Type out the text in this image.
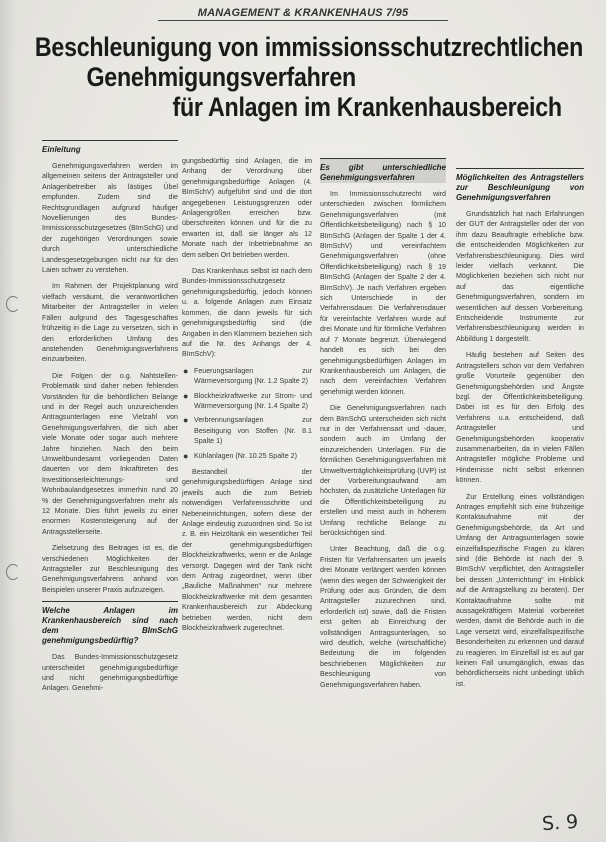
MANAGEMENT & KRANKENHAUS 7/95
Beschleunigung von immissionsschutzrechtlichen
Genehmigungsverfahren
für Anlagen im Krankenhausbereich
Einleitung

Genehmigungsverfahren werden im allgemeinen seitens der Antragsteller und Anlagenbetreiber als lästiges Übel empfunden. Zudem sind die Rechtsgrundlagen aufgrund häufiger Novellierungen des Bundes-Immissionsschutzgesetzes (BImSchG) und der zugehörigen Verordnungen sowie durch unterschiedliche Landesgesetzgebungen nicht nur für den Laien schwer zu verstehen.

Im Rahmen der Projektplanung wird vielfach versäumt, die verantwortlichen Mitarbeiter der Antragsteller in vielen Fällen aufgrund des Tagesgeschäftes frühzeitig in die Lage zu versetzen, sich in den erforderlichen Umfang des anstehenden Genehmigungsverfahrens einzuarbeiten.

Die Folgen der o.g. Nahtstellen-Problematik sind daher neben fehlenden Vorständen für die behördlichen Belange und in der Regel auch unzureichenden Antragsunterlagen eine Vielzahl von Genehmigungsverfahren, die sich aber viele Monate oder sogar auch mehrere Jahre hinziehen. Nach den beim Umweltbundesamt vorliegenden Daten dauerten vor dem Inkrafttreten des Investitionserleichterungs- und Wohnbaulandgesetzes immerhin rund 20 % der Genehmigungsverfahren mehr als 12 Monate. Dies führt jeweils zu einer enormen Kostensteigerung auf der Antragsstellerseite.

Zielsetzung des Beitrages ist es, die verschiedenen Möglichkeiten der Antragsteller zur Beschleunigung des Genehmigungsverfahrens anhand von Beispielen unserer Praxis aufzuzeigen.

Welche Anlagen im Krankenhausbereich sind nach dem BImSchG genehmigungsbedürftig?

Das Bundes-Immissionsschutzgesetz unterscheidet genehmigungsbedürftige und nicht genehmigungsbedürftige Anlagen. Genehmi-

gungsbedürftig sind Anlagen, die im Anhang der Verordnung über genehmigungsbedürftige Anlagen (4. BImSchV) aufgeführt sind und die dort angegebenen Leistungsgrenzen oder Anlagengrößen erreichen bzw. überschreiten können und für die zu erwarten ist, daß sie länger als 12 Monate nach der Inbetriebnahme an dem selben Ort betrieben werden.

Das Krankenhaus selbst ist nach dem Bundes-Immissionsschutzgesetz genehmigungsbedürftig, jedoch können u. a. folgende Anlagen zum Einsatz kommen, die dann jeweils für sich genehmigungsbedürftig sind (die Angaben in den Klammern beziehen sich auf die Nr. des Anhangs der 4. BImSchV):

● Feuerungsanlagen zur Wärmeversorgung (Nr. 1.2 Spalte 2)
● Blockheizkraftwerke zur Strom- und Wärmeversorgung (Nr. 1.4 Spalte 2)
● Verbrennungsanlagen zur Beseitigung von Stoffen (Nr. 8.1 Spalte 1)
● Kühlanlagen (Nr. 10.25 Spalte 2)

Bestandteil der genehmigungsbedürftigen Anlage sind jeweils auch die zum Betrieb notwendigen Verfahrensschritte und Nebeneinrichtungen, sofern diese der Anlage eindeutig zuzuordnen sind. So ist z. B. ein Heizöltank ein wesentlicher Teil der genehmigungsbedürftigen Blockheizkraftwerks, wenn er die Anlage versorgt. Dagegen wird der Tank nicht dem Antrag zugeordnet, wenn über „Bauliche Maßnahmen“ nur mehrere Blockheizkraftwerke mit dem gesamten Krankenhausbereich zur Abdeckung betrieben werden, nicht dem Blockheizkraftwerk zugerechnet.

Es gibt unterschiedliche Genehmigungsverfahren

Im Immissionsschutzrecht wird unterschieden zwischen förmlichem Genehmigungsverfahren (mit Öffentlichkeitsbeteiligung) nach § 10 BImSchG (Anlagen der Spalte 1 der 4. BImSchV) und vereinfachtem Genehmigungsverfahren (ohne Öffentlichkeitsbeteiligung) nach § 19 BImSchG (Anlagen der Spalte 2 der 4. BImSchV). Je nach Verfahren ergeben sich Unterschiede in der Verfahrensdauer. Die Verfahrensdauer für vereinfachte Verfahren wurde auf drei Monate und für förmliche Verfahren auf 7 Monate begrenzt. Überwiegend handelt es sich bei den genehmigungsbedürftigen Anlagen im Krankenhausbereich um Anlagen, die nach dem vereinfachten Verfahren genehmigt werden können.

Die Genehmigungsverfahren nach dem BImSchG unterscheiden sich nicht nur in der Verfahrensart und -dauer, sondern auch im Umfang der einzureichenden Unterlagen. Für die förmlichen Genehmigungsverfahren mit Umweltverträglichkeitsprüfung (UVP) ist der Vorbereitungsaufwand am höchsten, da zusätzliche Unterlagen für die Öffentlichkeitsbeteiligung zu erstellen und meist auch in höherem Umfang rechtliche Belange zu berücksichtigen sind.

Unter Beachtung, daß die o.g. Fristen für Verfahrensarten um jeweils drei Monate verlängert werden können (wenn dies wegen der Schwierigkeit der Prüfung oder aus Gründen, die dem Antragsteller zuzurechnen sind, erforderlich ist) sowie, daß die Fristen erst gelten ab Einreichung der vollständigen Antragsunterlagen, so wird deutlich, welche (wirtschaftliche) Bedeutung die im folgenden beschriebenen Möglichkeiten zur Beschleunigung von Genehmigungsverfahren haben.

Möglichkeiten des Antragstellers zur Beschleunigung von Genehmigungsverfahren

Grundsätzlich hat nach Erfahrungen der GUT der Antragsteller oder der von ihm dazu Beauftragte erhebliche bzw. die entscheidenden Möglichkeiten zur Verfahrensbeschleunigung. Dies wird leider vielfach verkannt. Die Möglichkeiten beziehen sich nicht nur auf das eigentliche Genehmigungsverfahren, sondern im wesentlichen auf dessen Vorbereitung. Entscheidende Instrumente zur Verfahrensbeschleunigung werden in Abbildung 1 dargestellt.

Häufig bestehen auf Seiten des Antragstellers schon vor dem Verfahren große Vorurteile gegenüber den Genehmigungsbehörden und Ängste bzgl. der Öffentlichkeitsbeteiligung. Dabei ist es für den Erfolg des Verfahrens u.a. entscheidend, daß Antragsteller und Genehmigungsbehörden kooperativ zusammenarbeiten, da in vielen Fällen Antragsteller mögliche Probleme und Hindernisse nicht selbst erkennen können.

Zur Erstellung eines vollständigen Antrages empfiehlt sich eine frühzeitige Kontaktaufnahme mit der Genehmigungsbehörde, da Art und Umfang der Antragsunterlagen sowie einzelfallspezifische Fragen zu klären sind (die Behörde ist nach der 9. BImSchV verpflichtet, den Antragsteller bei dessen „Unterrichtung“ im Hinblick auf die Antragstellung zu beraten). Der Kontaktaufnahme sollte mit aussagekräftigem Material vorbereitet werden, damit die Behörde auch in die Lage versetzt wird, einzelfallspezifische Besonderheiten zu erkennen und darauf zu reagieren. Im Einzelfall ist es auf gar keinen Fall unumgänglich, etwas das behördlicherseits nicht unbedingt üblich ist.

S. 9
